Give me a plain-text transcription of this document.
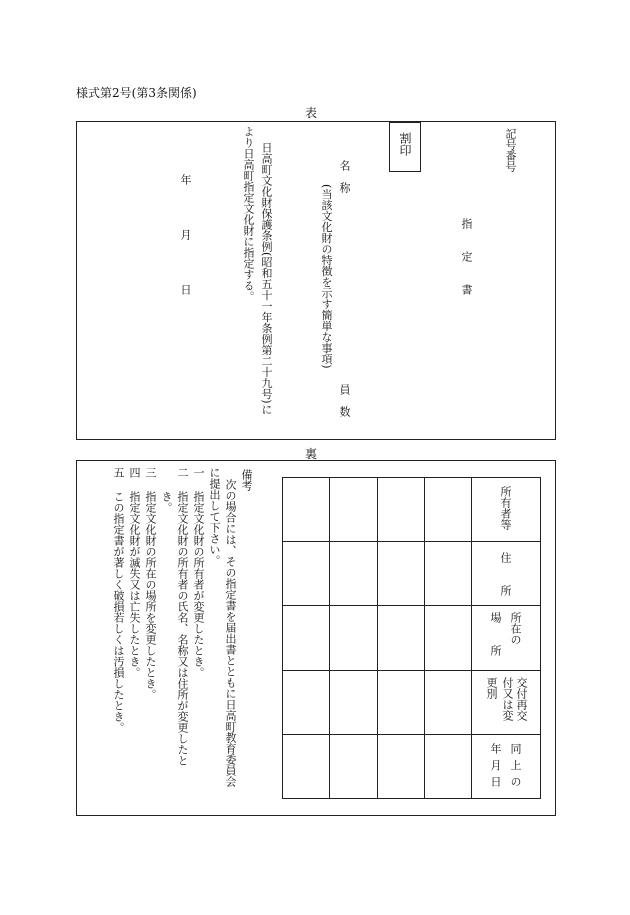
様式第2号(第3条関係)
表
割印	記号番号
指　　定　　書
名　称
(当該文化財の特徴を示す簡単な事項)
員　数
日高町文化財保護条例(昭和五十一年条例第二十九号)に
より日高町指定文化財に指定する。
年　　　　月　　　　日
裏

				所有者等

				住　　所

				所在の
場　　所

				交付再交
付又は変
更別

				同上の
年月日
備考
次の場合には、その指定書を届出書とともに日高町教育委員会
に提出して下さい。
一
指定文化財の所有者が変更したとき。
二
指定文化財の所有者の氏名、名称又は住所が変更したと
き。
三
指定文化財の所在の場所を変更したとき。
四
指定文化財が滅失又は亡失したとき。
五
この指定書が著しく破損若しくは汚損したとき。
